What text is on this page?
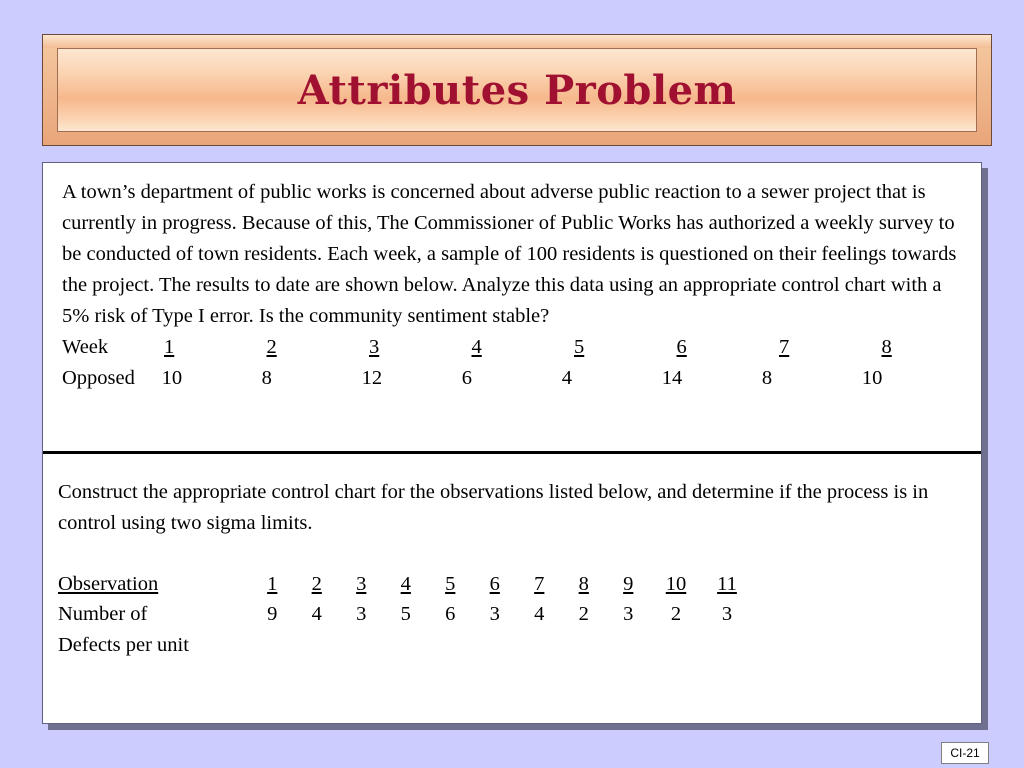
Attributes Problem

A town’s department of public works is concerned about adverse public reaction to a sewer project that is currently in progress. Because of this, The Commissioner of Public Works has authorized a weekly survey to be conducted of town residents. Each week, a sample of 100 residents is questioned on their feelings towards the project. The results to date are shown below. Analyze this data using an appropriate control chart with a 5% risk of Type I error. Is the community sentiment stable?

Week	1	2	3	4	5	6	7	8
Opposed	10	8	12	6	4	14	8	10

Construct the appropriate control chart for the observations listed below, and determine if the process is in control using two sigma limits.

Observation	1	2	3	4	5	6	7	8	9	10	11
Number of	9	4	3	5	6	3	4	2	3	2	3
Defects per unit
CI-21
